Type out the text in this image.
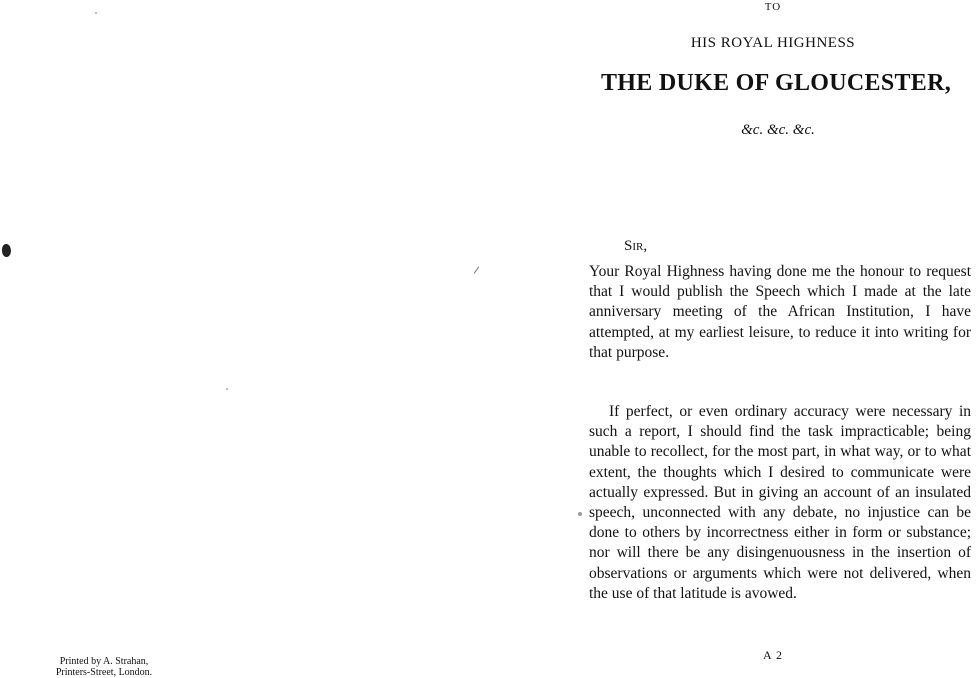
Printed by A. Strahan,
Printers-Street, London.
TO
HIS ROYAL HIGHNESS
THE DUKE OF GLOUCESTER,
&c. &c. &c.
Sir,
Your Royal Highness having done me the honour to request that I would publish the Speech which I made at the late anniversary meeting of the African Institution, I have attempted, at my earliest leisure, to reduce it into writing for that purpose.
If perfect, or even ordinary accuracy were necessary in such a report, I should find the task impracticable; being unable to recollect, for the most part, in what way, or to what extent, the thoughts which I desired to communicate were actually expressed. But in giving an account of an insulated speech, unconnected with any debate, no injustice can be done to others by incorrectness either in form or substance; nor will there be any disingenuousness in the insertion of observations or arguments which were not delivered, when the use of that latitude is avowed.
A 2
